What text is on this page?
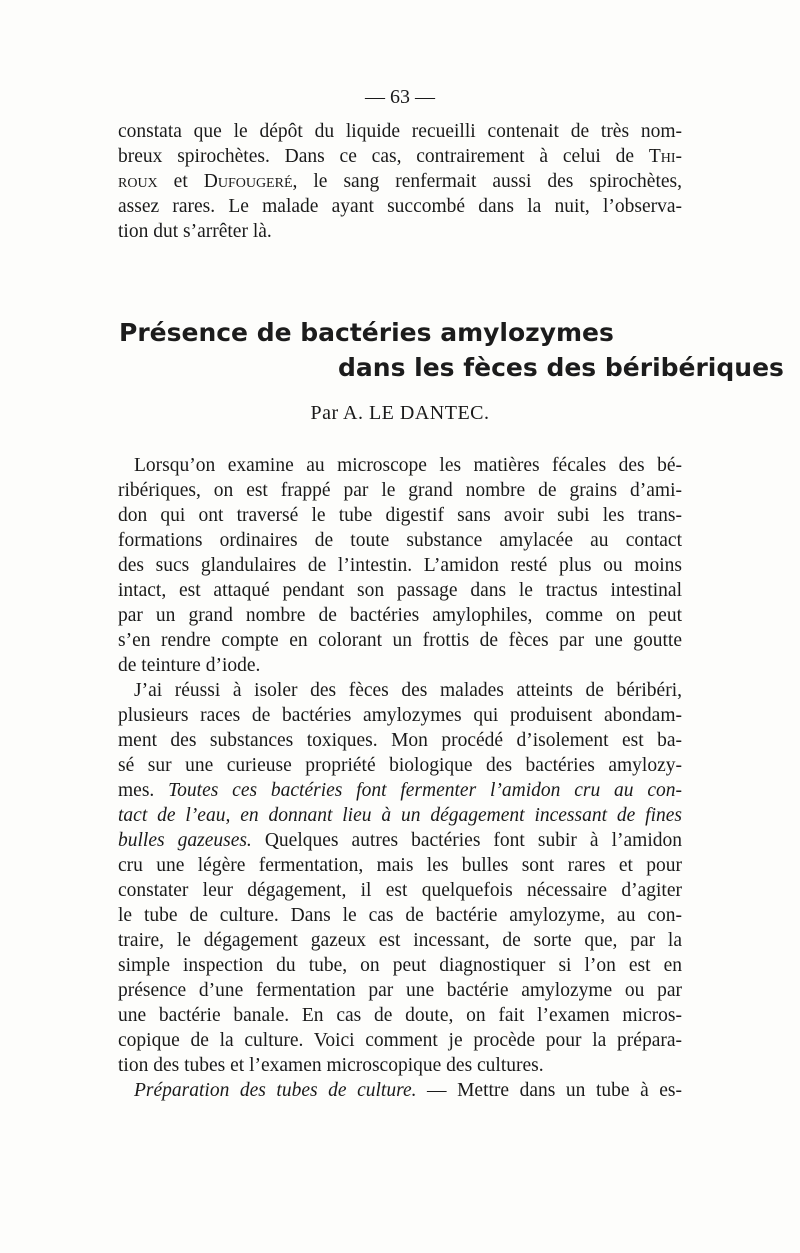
— 63 —
constata que le dépôt du liquide recueilli contenait de très nom-
breux spirochètes. Dans ce cas, contrairement à celui de Thi-
roux et Dufougeré, le sang renfermait aussi des spirochètes,
assez rares. Le malade ayant succombé dans la nuit, l’observa-
tion dut s’arrêter là.
Présence de bactéries amylozymes
dans les fèces des béribériques
Par A. LE DANTEC.
Lorsqu’on examine au microscope les matières fécales des bé-
ribériques, on est frappé par le grand nombre de grains d’ami-
don qui ont traversé le tube digestif sans avoir subi les trans-
formations ordinaires de toute substance amylacée au contact
des sucs glandulaires de l’intestin. L’amidon resté plus ou moins
intact, est attaqué pendant son passage dans le tractus intestinal
par un grand nombre de bactéries amylophiles, comme on peut
s’en rendre compte en colorant un frottis de fèces par une goutte
de teinture d’iode.
J’ai réussi à isoler des fèces des malades atteints de béribéri,
plusieurs races de bactéries amylozymes qui produisent abondam-
ment des substances toxiques. Mon procédé d’isolement est ba-
sé sur une curieuse propriété biologique des bactéries amylozy-
mes. Toutes ces bactéries font fermenter l’amidon cru au con-
tact de l’eau, en donnant lieu à un dégagement incessant de fines
bulles gazeuses. Quelques autres bactéries font subir à l’amidon
cru une légère fermentation, mais les bulles sont rares et pour
constater leur dégagement, il est quelquefois nécessaire d’agiter
le tube de culture. Dans le cas de bactérie amylozyme, au con-
traire, le dégagement gazeux est incessant, de sorte que, par la
simple inspection du tube, on peut diagnostiquer si l’on est en
présence d’une fermentation par une bactérie amylozyme ou par
une bactérie banale. En cas de doute, on fait l’examen micros-
copique de la culture. Voici comment je procède pour la prépara-
tion des tubes et l’examen microscopique des cultures.
Préparation des tubes de culture. — Mettre dans un tube à es-
